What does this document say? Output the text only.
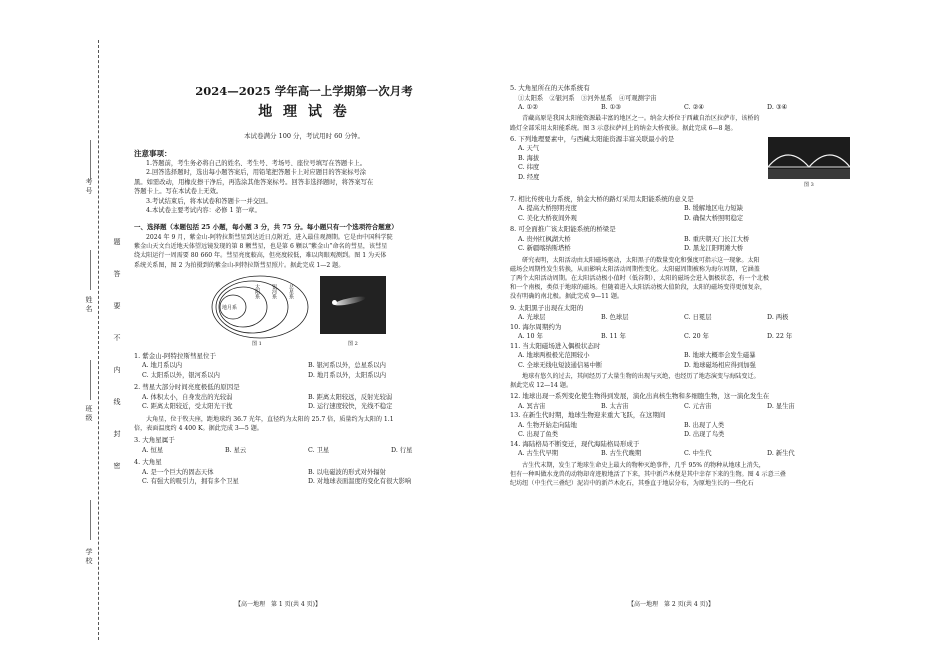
考号
姓名
班级
学校
题
答
要
不
内
线
封
密
2024—2025 学年高一上学期第一次月考
地 理 试 卷
本试卷满分 100 分，考试用时 60 分钟。
注意事项：
1.答题前，考生务必将自己的姓名、考生号、考场号、座位号填写在答题卡上。
2.回答选择题时，选出每小题答案后，用铅笔把答题卡上对应题目的答案标号涂
黑。如需改动，用橡皮擦干净后，再选涂其他答案标号。回答非选择题时，将答案写在
答题卡上。写在本试卷上无效。
3.考试结束后，将本试卷和答题卡一并交回。
4.本试卷主要考试内容：必修 1 第一章。
一、选择题（本题包括 25 小题，每小题 3 分，共 75 分。每小题只有一个选项符合题意）
2024 年 9 月，紫金山-阿特拉斯彗星到达近日点附近，进入最佳观测期。它是由中国科学院
紫金山天文台近地天体望远镜发现的第 8 颗彗星，也是第 6 颗以“紫金山”命名的彗星，该彗星
绕太阳运行一周需要 80 660 年。彗星亮度較高，但亮度较低，难以肉眼观测到。图 1 为天体
系统关系图，图 2 为拍摄到的紫金山-阿特拉斯彗星照片。据此完成 1—2 题。
地月系
太阳系 银河系 总星系
图 1	图 2
1. 紫金山-阿特拉斯彗星位于
A. 地月系以内	B. 银河系以外，总星系以内
C. 太阳系以外，银河系以内	D. 地月系以外，太阳系以内
2. 彗星大部分时间亮度极低的原因是
A. 体积太小，自身发出的光较弱	B. 距离太阳较远，反射光较弱
C. 距离太阳较近，受太阳光干扰	D. 运行速度较快，光线不稳定
大角星，位于牧夫座，距地球约 36.7 光年，直径约为太阳的 25.7 倍，质量约为太阳的 1.1
倍，表面温度约 4 400 K。据此完成 3—5 题。
3. 大角星属于
A. 恒星	B. 星云	C. 卫星	D. 行星
4. 大角星
A. 是一个巨大的固态天体	B. 以电磁波的形式对外辐射
C. 有强大的吸引力，拥有多个卫星	D. 对地球表面温度的变化有很大影响
【高一地理　第 1 页(共 4 页)】
5. 大角星所在的天体系统有
①太阳系　②银河系　③河外星系　④可观测宇宙
A. ①②	B. ①③	C. ②④	D. ③④
青藏高原是我国太阳能资源最丰富的地区之一。纳金大桥位于西藏自治区拉萨市，该桥的
路灯全部采用太阳能系统。图 3 示意拉萨河上的纳金大桥夜景。据此完成 6—8 题。
6. 下列地理要素中，与西藏太阳能资源丰富关联最小的是
A. 天气
B. 海拔
C. 纬度
D. 经度
图 3
7. 相比传统电力系统，纳金大桥的路灯采用太阳能系统的意义是
A. 提高大桥照明亮度	B. 缓解地区电力短缺
C. 美化大桥夜间外观	D. 确保大桥照明稳定
8. 可全面推广该太阳能系统的桥梁是
A. 贵州红枫湖大桥	B. 重庆朝天门长江大桥
C. 新疆喀纳斯塔桥	D. 黑龙江阳明滩大桥
研究表明，太阳活动由太阳磁场驱动，太阳黑子的数量变化和强度可指示这一现象。太阳
磁场会周期性发生转换，从而影响太阳活动周期性变化。太阳磁周期被称为海尔周期，它涵盖
了两个太阳活动周期。在太阳活动极小值时（低谷期），太阳的磁场会进入偶极状态，有一个北极
和一个南极，类似于地球的磁场。但随着进入太阳活动极大值阶段，太阳的磁场变得更加复杂，
没有明确的南北极。据此完成 9—11 题。
9. 太阳黑子出现在太阳的
A. 光球层	B. 色球层	C. 日冕层	D. 两极
10. 海尔周期约为
A. 10 年	B. 11 年	C. 20 年	D. 22 年
11. 当太阳磁场进入偶极状态时
A. 地球两极极光范围较小	B. 地球大概率会发生磁暴
C. 全球无线电短波通信易中断	D. 地球磁场相应得到加强
地球有悠久的过去，其间经历了大量生物的出现与灭绝，也经历了地态演变与海陆变迁。
据此完成 12—14 题。
12. 地球出现一系列变化使生物得到发展，演化出真核生物和多细胞生物，这一演化发生在
A. 冥古宙	B. 太古宙	C. 元古宙	D. 显生宙
13. 在新生代时期，地球生物迎来重大飞跃，在这期间
A. 生物开始走向陆地	B. 出现了人类
C. 出现了鱼类	D. 出现了鸟类
14. 海陆格局不断变迁，现代海陆格局形成于
A. 古生代早期	B. 古生代晚期	C. 中生代	D. 新生代
古生代末期，发生了地球生命史上最大的物种灭绝事件，几乎 95% 的物种从地球上消失，
但有一种叫做水龙兽的动物却奇迹般地活了下来，其中新芦木便是其中幸存下来的生物。图 4 示意三叠
纪坊纽（中生代三叠纪）泥岩中的新芦木化石，其垂直于地层分布，为原地生长的一些化石
【高一地理　第 2 页(共 4 页)】
